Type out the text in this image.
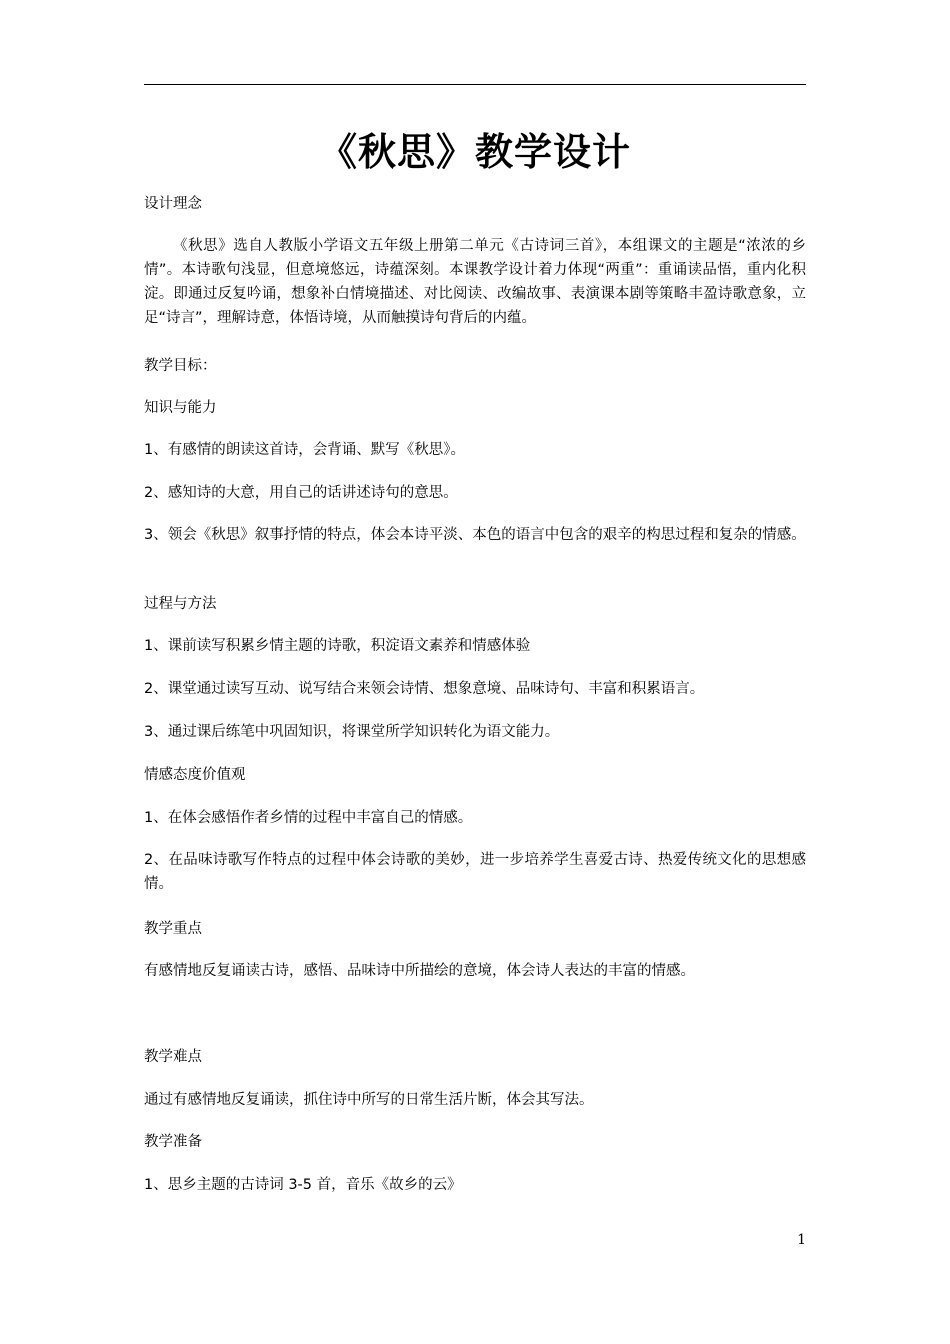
《秋思》教学设计

设计理念

《秋思》选自人教版小学语文五年级上册第二单元《古诗词三首》，本组课文的主题是“浓浓的乡情”。本诗歌句浅显，但意境悠远，诗蕴深刻。本课教学设计着力体现“两重”：重诵读品悟，重内化积淀。即通过反复吟诵，想象补白情境描述、对比阅读、改编故事、表演课本剧等策略丰盈诗歌意象，立足“诗言”，理解诗意，体悟诗境，从而触摸诗句背后的内蕴。

教学目标：

知识与能力

1、有感情的朗读这首诗，会背诵、默写《秋思》。

2、感知诗的大意，用自己的话讲述诗句的意思。

3、领会《秋思》叙事抒情的特点，体会本诗平淡、本色的语言中包含的艰辛的构思过程和复杂的情感。

过程与方法

1、课前读写积累乡情主题的诗歌，积淀语文素养和情感体验

2、课堂通过读写互动、说写结合来领会诗情、想象意境、品味诗句、丰富和积累语言。

3、通过课后练笔中巩固知识，将课堂所学知识转化为语文能力。

情感态度价值观

1、在体会感悟作者乡情的过程中丰富自己的情感。

2、在品味诗歌写作特点的过程中体会诗歌的美妙，进一步培养学生喜爱古诗、热爱传统文化的思想感情。

教学重点

有感情地反复诵读古诗，感悟、品味诗中所描绘的意境，体会诗人表达的丰富的情感。

教学难点

通过有感情地反复诵读，抓住诗中所写的日常生活片断，体会其写法。

教学准备

1、思乡主题的古诗词 3-5 首，音乐《故乡的云》

1
